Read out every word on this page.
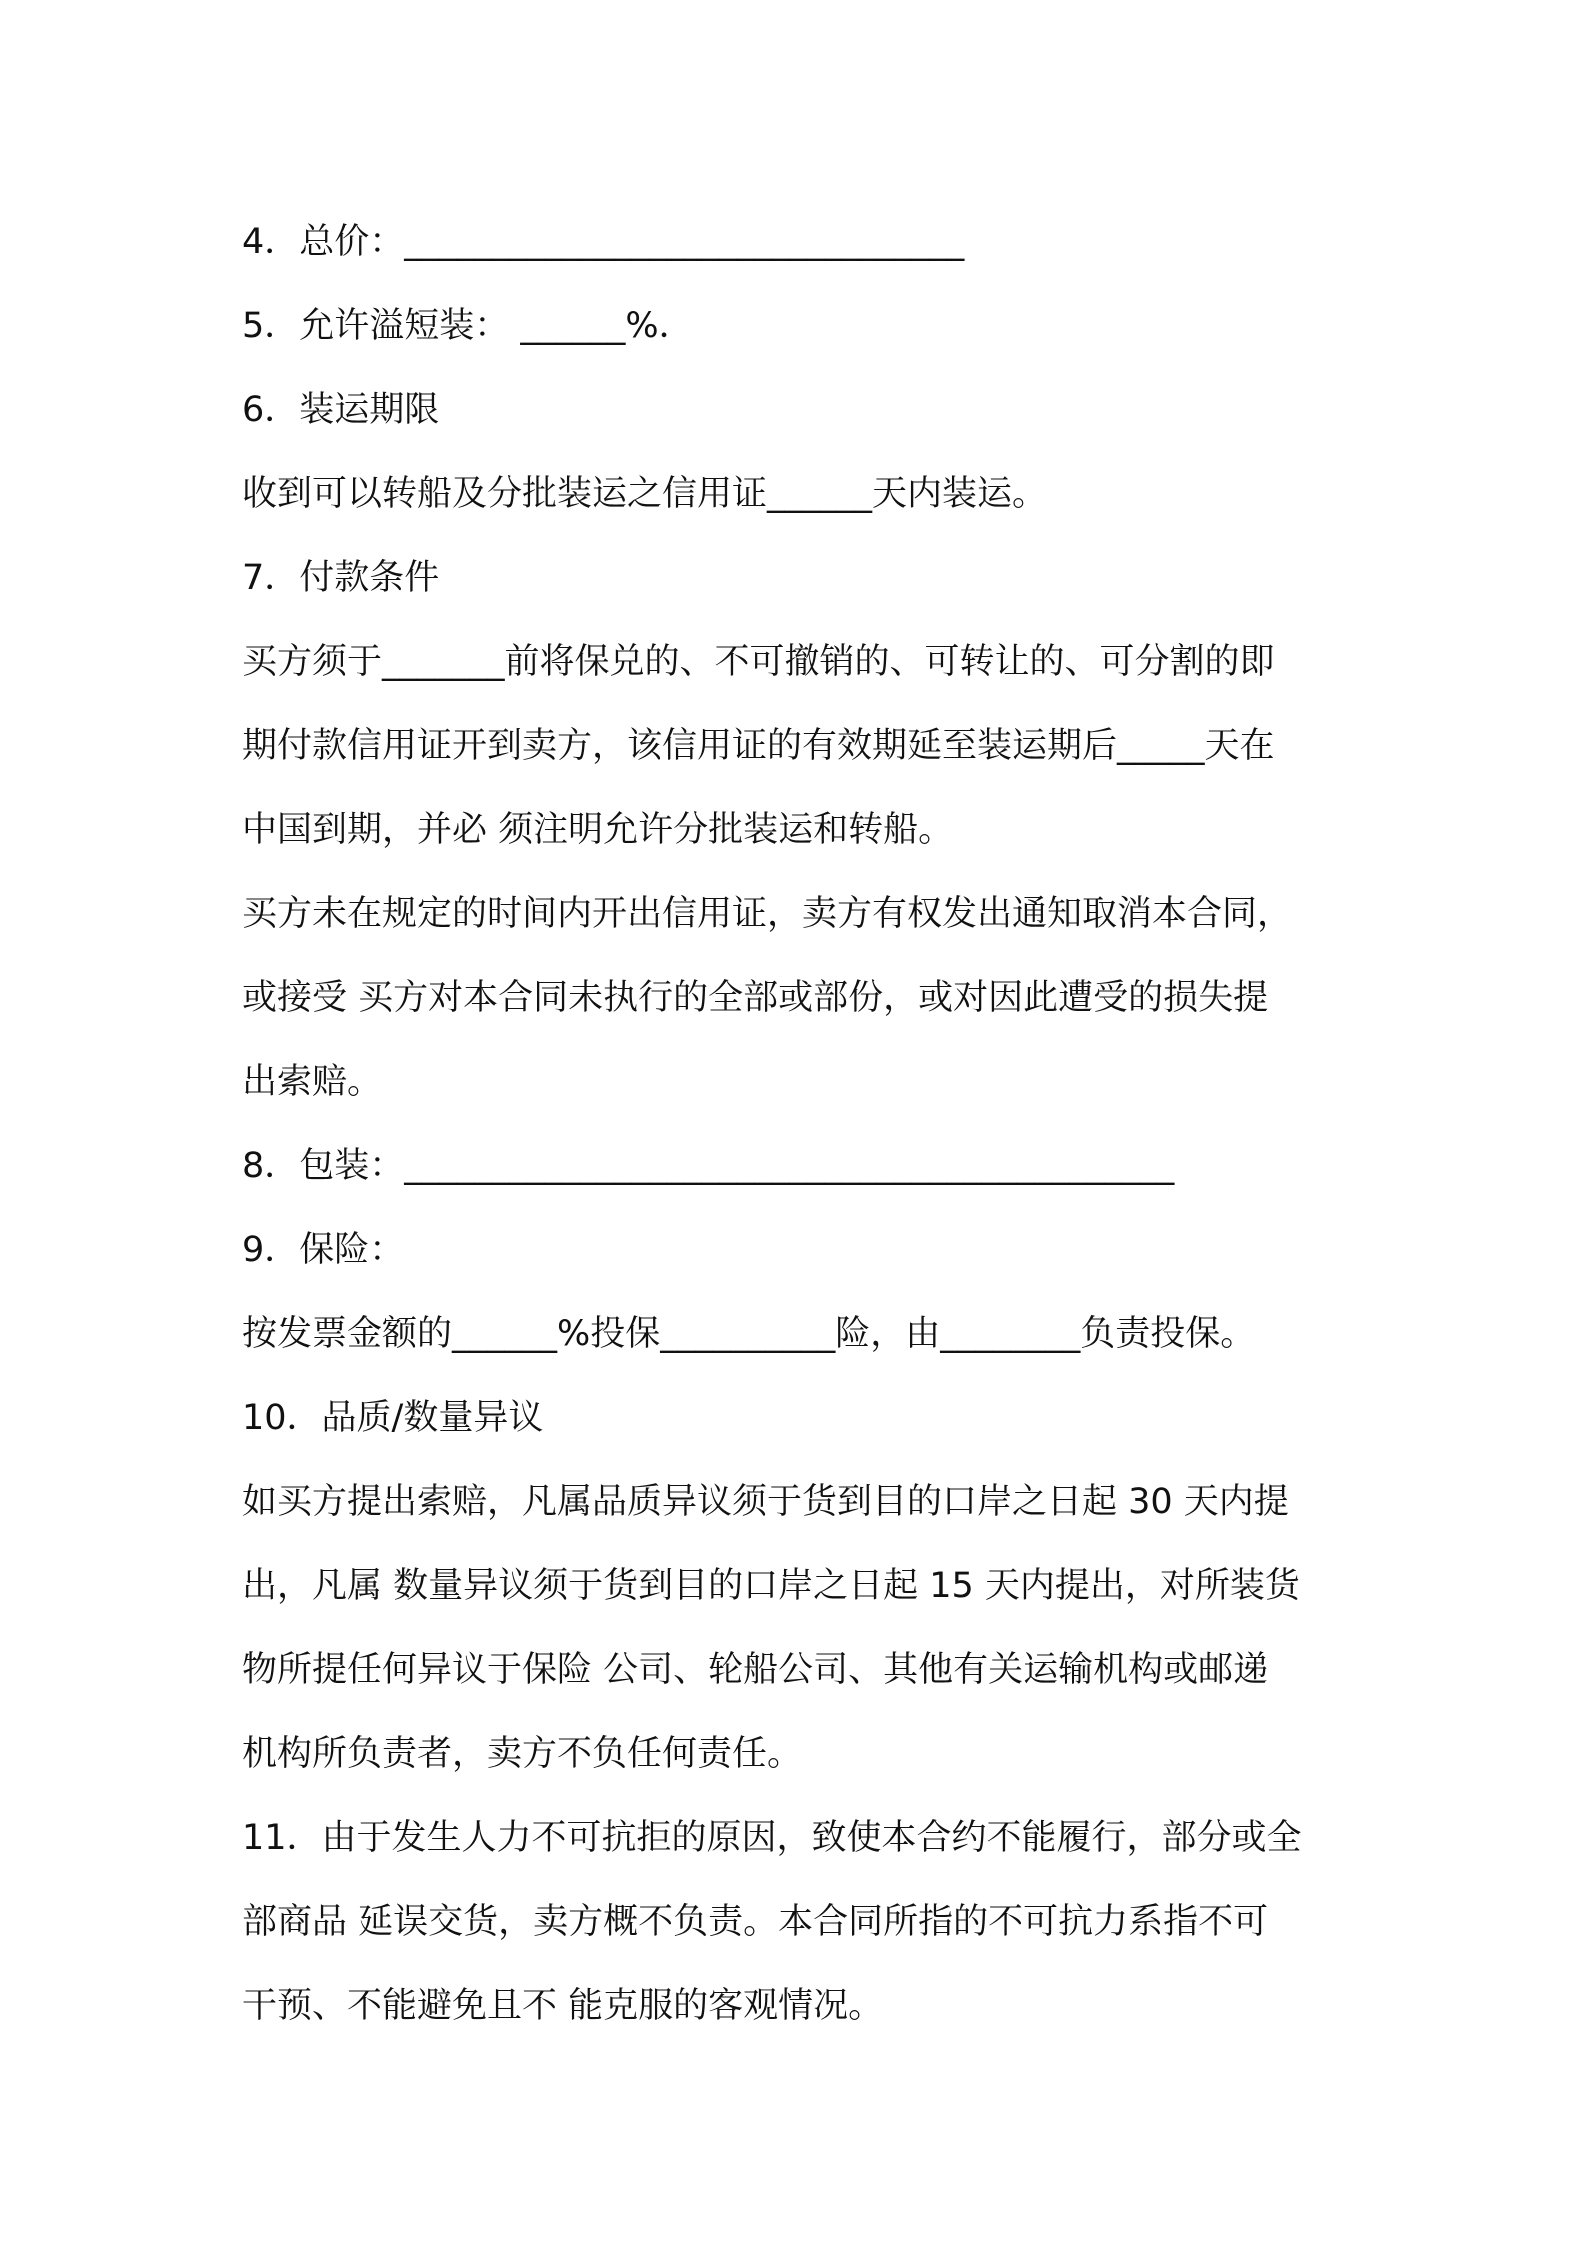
4．总价：________________________________
5．允许溢短装： ______%．
6．装运期限
收到可以转船及分批装运之信用证______天内装运。
7．付款条件
买方须于_______前将保兑的、不可撤销的、可转让的、可分割的即
期付款信用证开到卖方，该信用证的有效期延至装运期后_____天在
中国到期，并必 须注明允许分批装运和转船。
买方未在规定的时间内开出信用证，卖方有权发出通知取消本合同，
或接受 买方对本合同未执行的全部或部份，或对因此遭受的损失提
出索赔。
8．包装：____________________________________________
9．保险：
按发票金额的______%投保__________险，由________负责投保。
10．品质/数量异议
如买方提出索赔，凡属品质异议须于货到目的口岸之日起 30 天内提
出，凡属 数量异议须于货到目的口岸之日起 15 天内提出，对所装货
物所提任何异议于保险 公司、轮船公司、其他有关运输机构或邮递
机构所负责者，卖方不负任何责任。
11．由于发生人力不可抗拒的原因，致使本合约不能履行，部分或全
部商品 延误交货，卖方概不负责。本合同所指的不可抗力系指不可
干预、不能避免且不 能克服的客观情况。
